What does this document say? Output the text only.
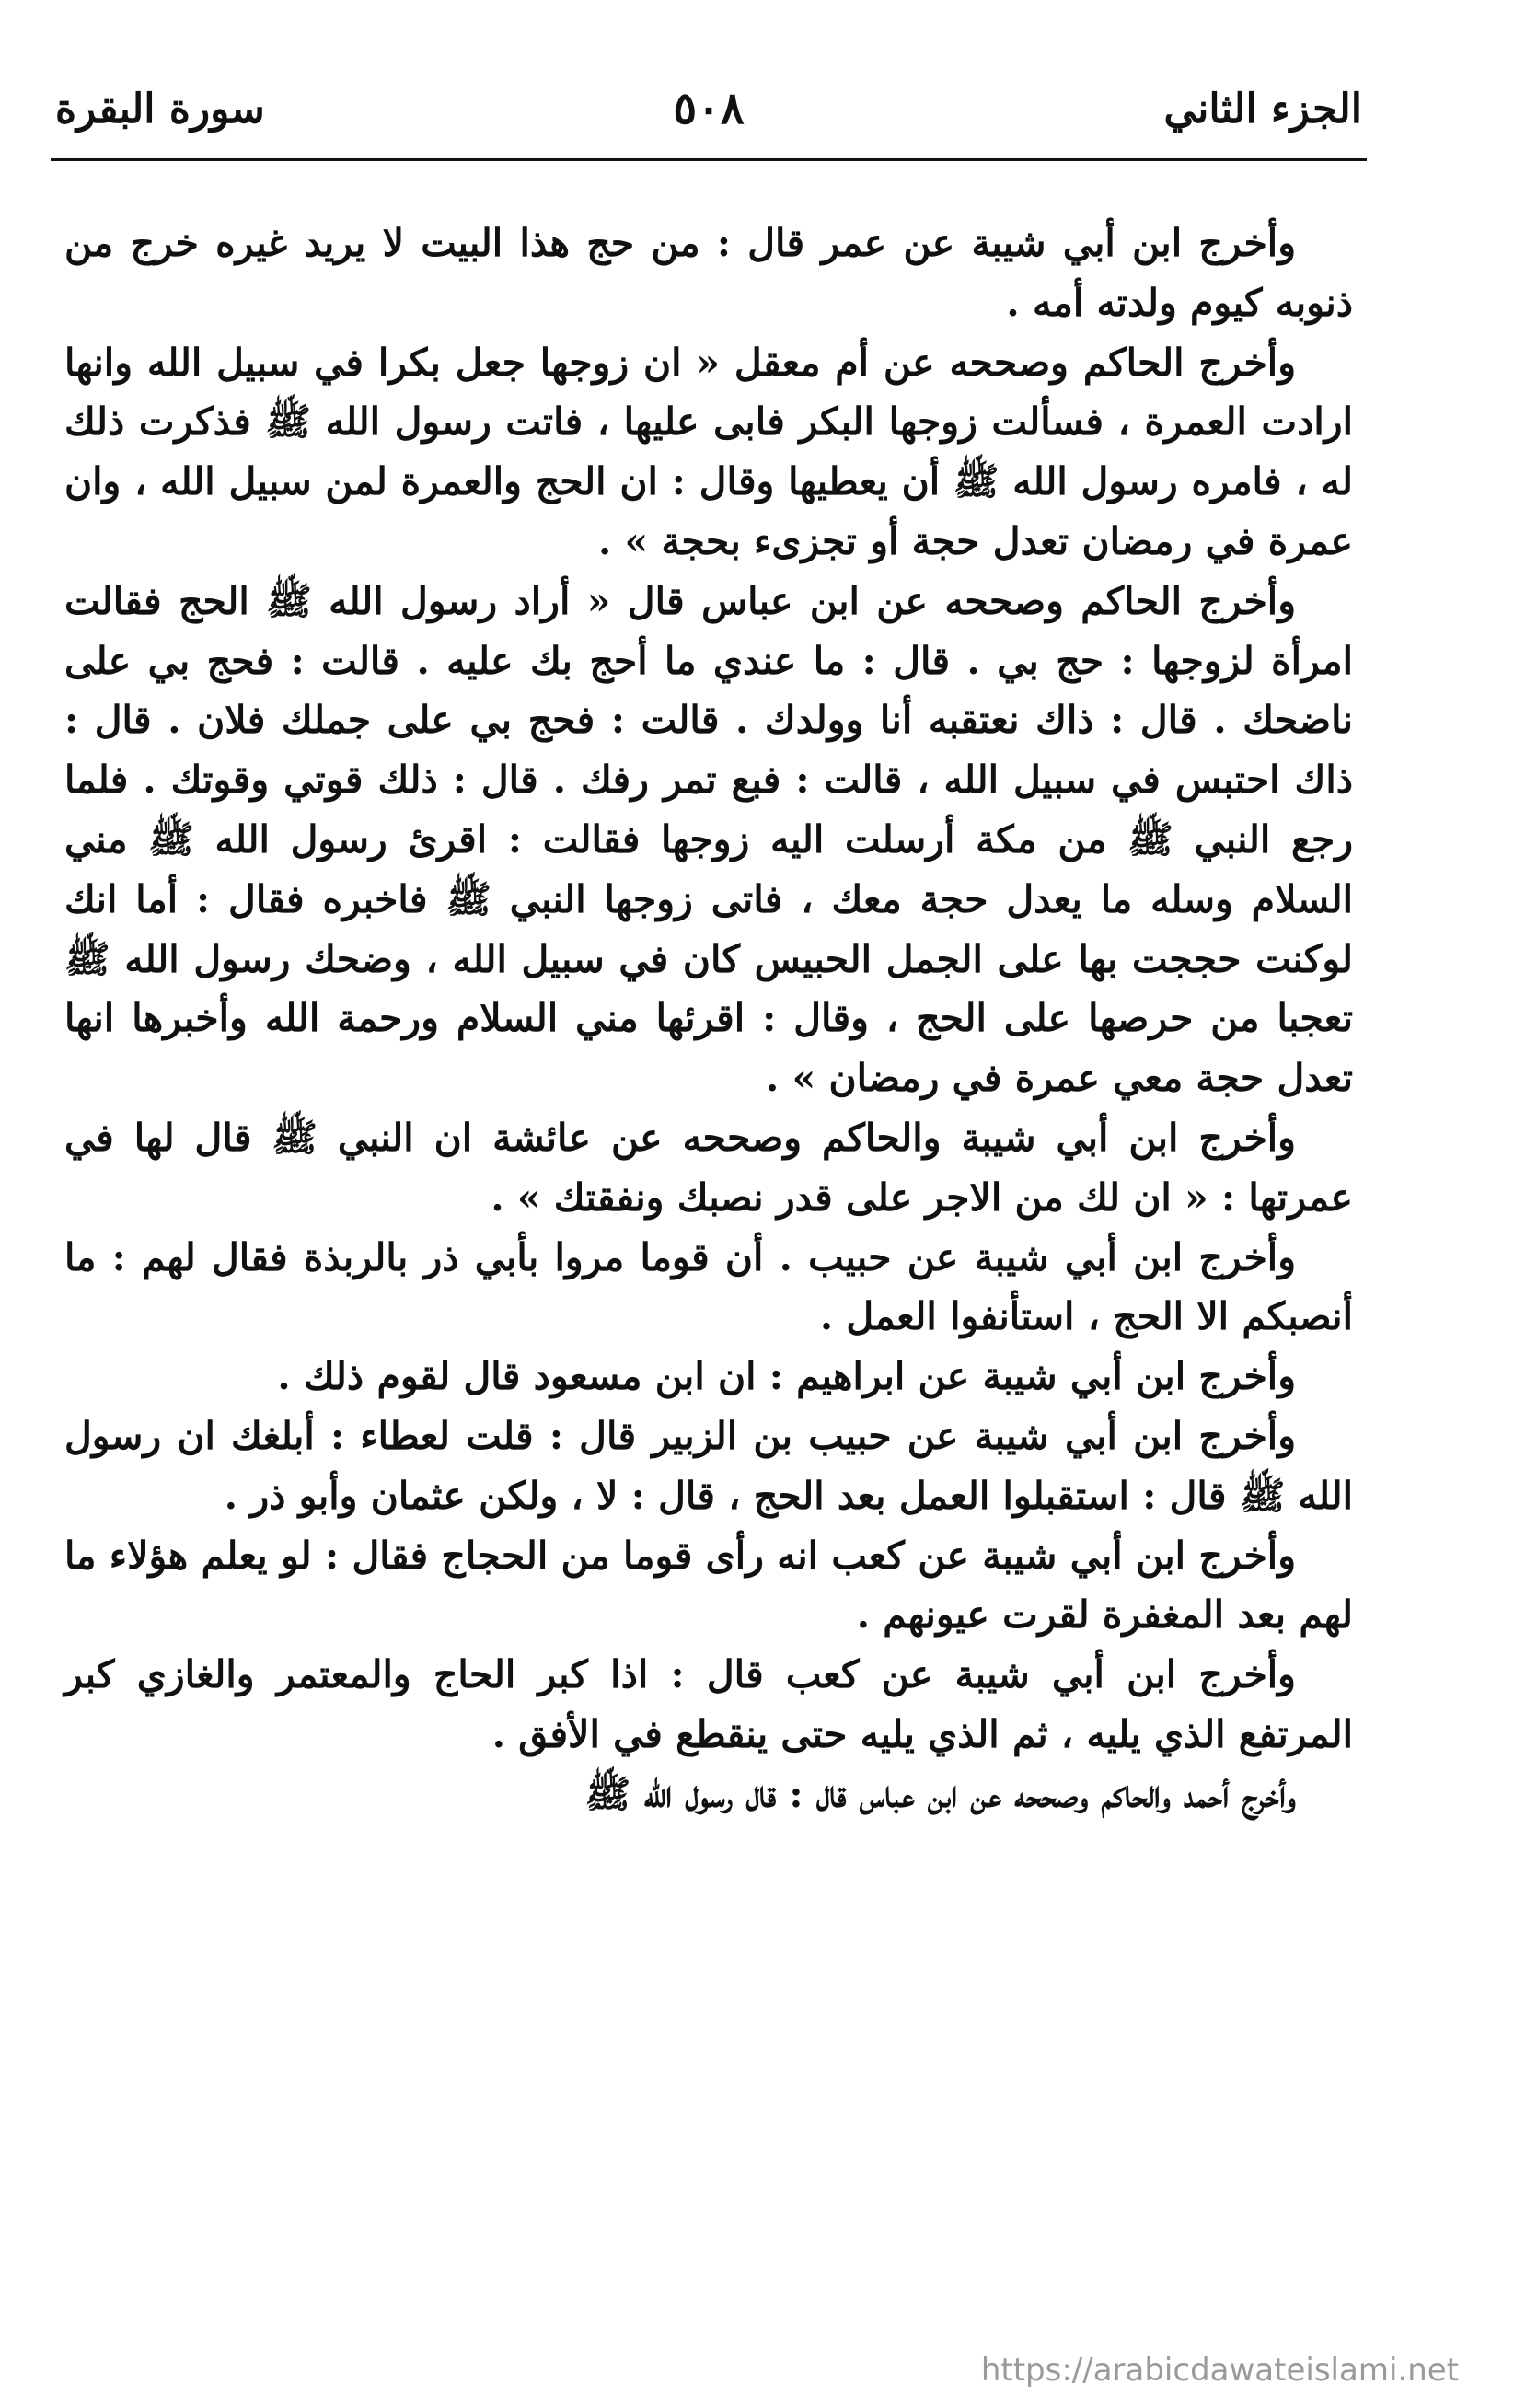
الجزء الثاني
٥٠٨
سورة البقرة

وأخرج ابن أبي شيبة عن عمر قال : من حج هذا البيت لا يريد غيره خرج من ذنوبه كيوم ولدته أمه .

وأخرج الحاكم وصححه عن أم معقل « ان زوجها جعل بكرا في سبيل الله وانها ارادت العمرة ، فسألت زوجها البكر فابى عليها ، فاتت رسول الله ﷺ فذكرت ذلك له ، فامره رسول الله ﷺ أن يعطيها وقال : ان الحج والعمرة لمن سبيل الله ، وان عمرة في رمضان تعدل حجة أو تجزىء بحجة » .

وأخرج الحاكم وصححه عن ابن عباس قال « أراد رسول الله ﷺ الحج فقالت امرأة لزوجها : حج بي . قال : ما عندي ما أحج بك عليه . قالت : فحج بي على ناضحك . قال : ذاك نعتقبه أنا وولدك . قالت : فحج بي على جملك فلان . قال : ذاك احتبس في سبيل الله ، قالت : فبع تمر رفك . قال : ذلك قوتي وقوتك . فلما رجع النبي ﷺ من مكة أرسلت اليه زوجها فقالت : اقرئ رسول الله ﷺ مني السلام وسله ما يعدل حجة معك ، فاتى زوجها النبي ﷺ فاخبره فقال : أما انك لوكنت حججت بها على الجمل الحبيس كان في سبيل الله ، وضحك رسول الله ﷺ تعجبا من حرصها على الحج ، وقال : اقرئها مني السلام ورحمة الله وأخبرها انها تعدل حجة معي عمرة في رمضان » .

وأخرج ابن أبي شيبة والحاكم وصححه عن عائشة ان النبي ﷺ قال لها في عمرتها : « ان لك من الاجر على قدر نصبك ونفقتك » .

وأخرج ابن أبي شيبة عن حبيب . أن قوما مروا بأبي ذر بالربذة فقال لهم : ما أنصبكم الا الحج ، استأنفوا العمل .

وأخرج ابن أبي شيبة عن ابراهيم : ان ابن مسعود قال لقوم ذلك .

وأخرج ابن أبي شيبة عن حبيب بن الزبير قال : قلت لعطاء : أبلغك ان رسول الله ﷺ قال : استقبلوا العمل بعد الحج ، قال : لا ، ولكن عثمان وأبو ذر .

وأخرج ابن أبي شيبة عن كعب انه رأى قوما من الحجاج فقال : لو يعلم هؤلاء ما لهم بعد المغفرة لقرت عيونهم .

وأخرج ابن أبي شيبة عن كعب قال : اذا كبر الحاج والمعتمر والغازي كبر المرتفع الذي يليه ، ثم الذي يليه حتى ينقطع في الأفق .

وأخرج أحمد والحاكم وصححه عن ابن عباس قال : قال رسول الله ﷺ

https://arabicdawateislami.net
